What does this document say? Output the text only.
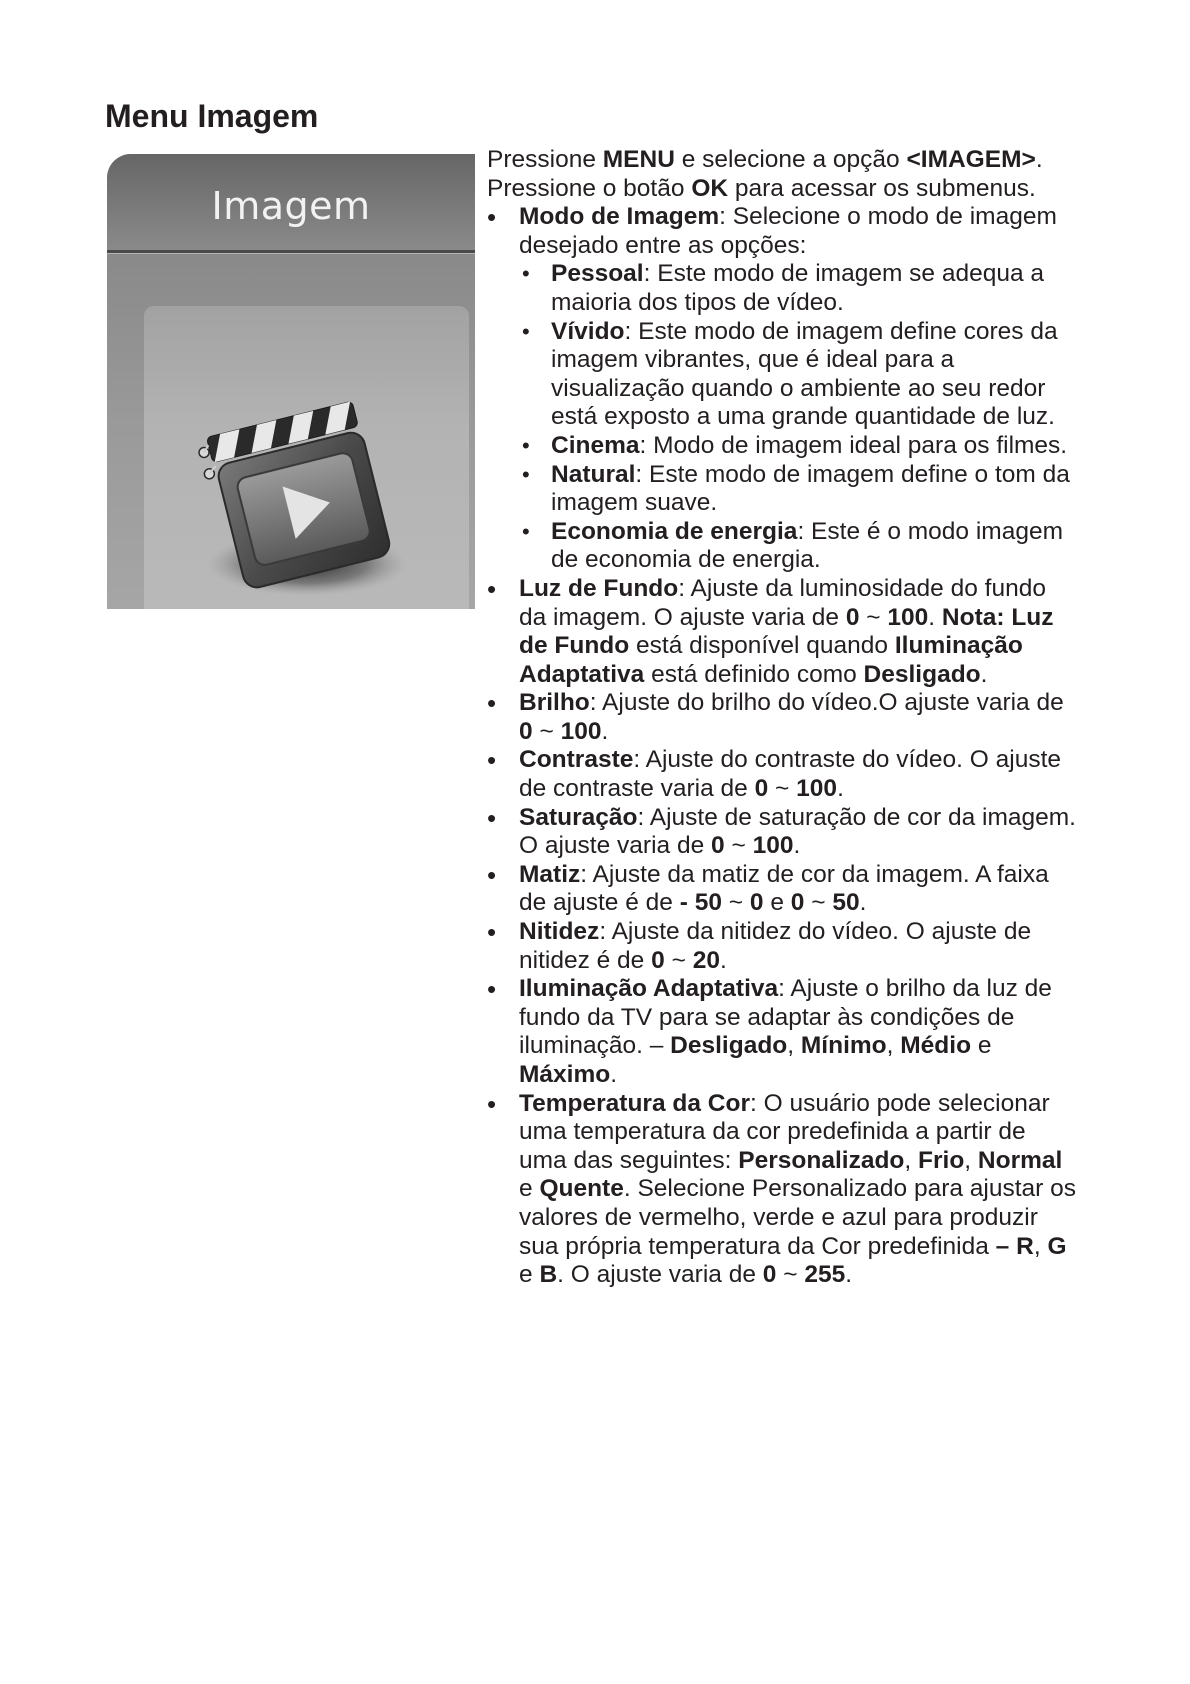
Menu Imagem
Imagem

Pressione MENU e selecione a opção <IMAGEM>. Pressione o botão OK para acessar os submenus.

• Modo de Imagem: Selecione o modo de imagem desejado entre as opções:
• Pessoal: Este modo de imagem se adequa a maioria dos tipos de vídeo.
• Vívido: Este modo de imagem define cores da imagem vibrantes, que é ideal para a visualização quando o ambiente ao seu redor está exposto a uma grande quantidade de luz.
• Cinema: Modo de imagem ideal para os filmes.
• Natural: Este modo de imagem define o tom da imagem suave.
• Economia de energia: Este é o modo imagem de economia de energia.
• Luz de Fundo: Ajuste da luminosidade do fundo da imagem. O ajuste varia de 0 ~ 100. Nota: Luz de Fundo está disponível quando Iluminação Adaptativa está definido como Desligado.
• Brilho: Ajuste do brilho do vídeo.O ajuste varia de 0 ~ 100.
• Contraste: Ajuste do contraste do vídeo. O ajuste de contraste varia de 0 ~ 100.
• Saturação: Ajuste de saturação de cor da imagem. O ajuste varia de 0 ~ 100.
• Matiz: Ajuste da matiz de cor da imagem. A faixa de ajuste é de - 50 ~ 0 e 0 ~ 50.
• Nitidez: Ajuste da nitidez do vídeo. O ajuste de nitidez é de 0 ~ 20.
• Iluminação Adaptativa: Ajuste o brilho da luz de fundo da TV para se adaptar às condições de iluminação. – Desligado, Mínimo, Médio e Máximo.
• Temperatura da Cor: O usuário pode selecionar uma temperatura da cor predefinida a partir de uma das seguintes: Personalizado, Frio, Normal e Quente. Selecione Personalizado para ajustar os valores de vermelho, verde e azul para produzir sua própria temperatura da Cor predefinida – R, G e B. O ajuste varia de 0 ~ 255.
